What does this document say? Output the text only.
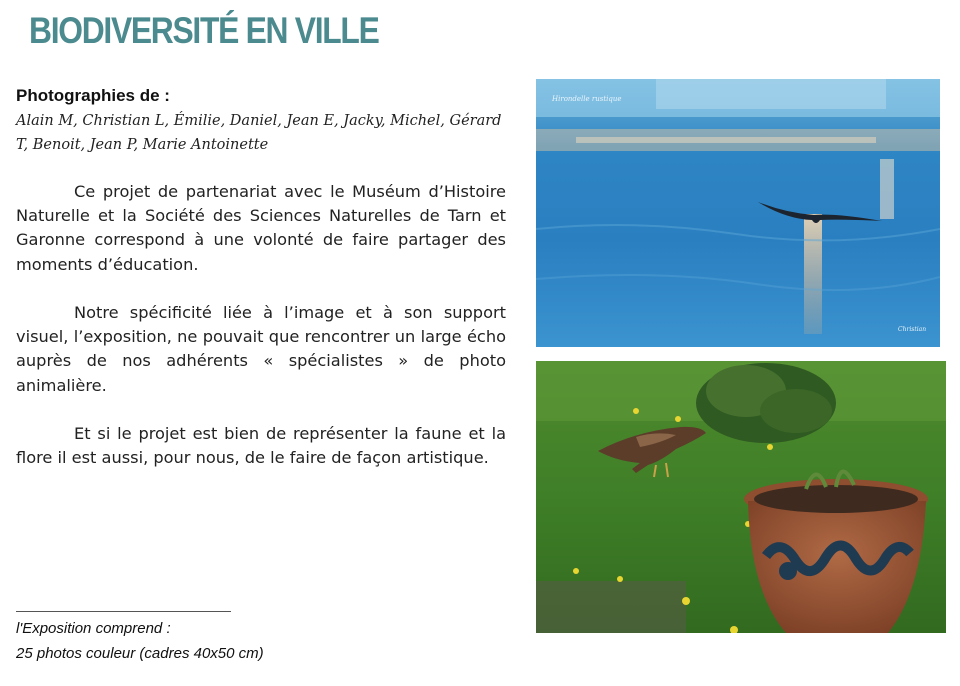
BIODIVERSITÉ EN VILLE
Photographies de :
Alain M, Christian L, Émilie, Daniel, Jean E, Jacky, Michel, Gérard T, Benoit, Jean P, Marie Antoinette
Ce projet de partenariat avec le Muséum d’Histoire Naturelle et la Société des Sciences Naturelles de Tarn et Garonne correspond à une volonté de faire partager des moments d’éducation.
Notre spécificité liée à l’image et à son support visuel, l’exposition, ne pouvait que rencontrer un large écho auprès de nos adhérents « spécialistes » de photo animalière.
Et si le projet est bien de représenter la faune et la flore il est aussi, pour nous, de le faire de façon artistique.
l'Exposition comprend :
25 photos couleur (cadres 40x50 cm)
Hirondelle rustique
Christian
